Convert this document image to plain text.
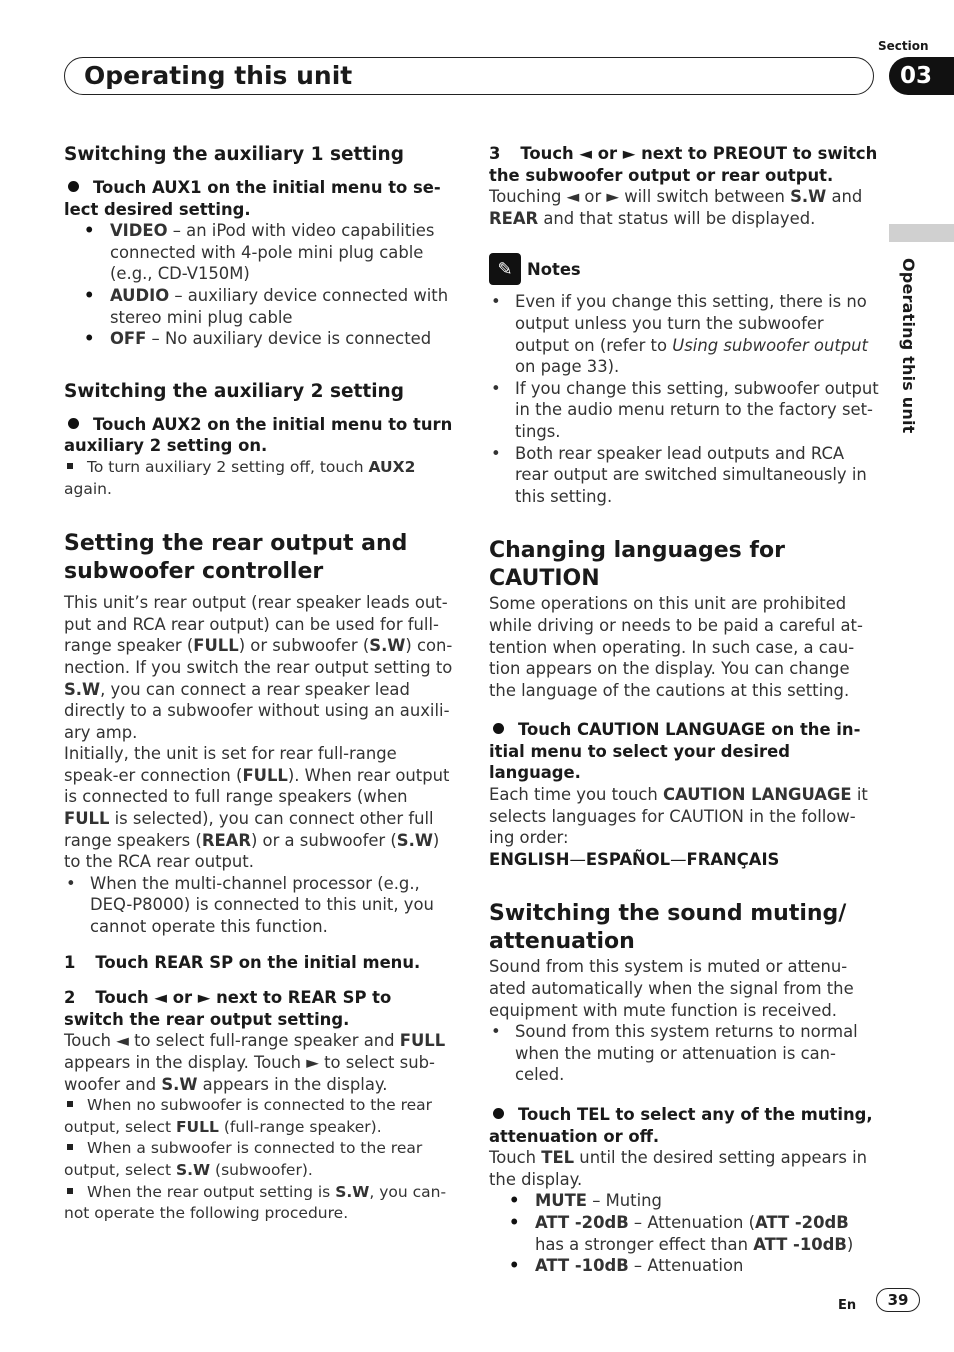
Section
Operating this unit	03
Operating this unit
Switching the auxiliary 1 setting
Touch AUX1 on the initial menu to se-lect desired setting.
• VIDEO – an iPod with video capabilities connected with 4-pole mini plug cable (e.g., CD-V150M)
• AUDIO – auxiliary device connected with stereo mini plug cable
• OFF – No auxiliary device is connected
Switching the auxiliary 2 setting
Touch AUX2 on the initial menu to turn auxiliary 2 setting on.
To turn auxiliary 2 setting off, touch AUX2 again.
Setting the rear output and subwoofer controller
This unit’s rear output (rear speaker leads out-put and RCA rear output) can be used for full-range speaker (FULL) or subwoofer (S.W) con-nection. If you switch the rear output setting to S.W, you can connect a rear speaker lead directly to a subwoofer without using an auxili-ary amp.
Initially, the unit is set for rear full-range speak-er connection (FULL). When rear output is connected to full range speakers (when FULL is selected), you can connect other full range speakers (REAR) or a subwoofer (S.W) to the RCA rear output.
• When the multi-channel processor (e.g., DEQ-P8000) is connected to this unit, you cannot operate this function.
1 Touch REAR SP on the initial menu.
2 Touch ◄ or ► next to REAR SP to switch the rear output setting.
Touch ◄ to select full-range speaker and FULL appears in the display. Touch ► to select sub-woofer and S.W appears in the display.
When no subwoofer is connected to the rear output, select FULL (full-range speaker).
When a subwoofer is connected to the rear output, select S.W (subwoofer).
When the rear output setting is S.W, you can-not operate the following procedure.
3 Touch ◄ or ► next to PREOUT to switch the subwoofer output or rear output.
Touching ◄ or ► will switch between S.W and REAR and that status will be displayed.
✎ Notes
• Even if you change this setting, there is no output unless you turn the subwoofer output on (refer to Using subwoofer output on page 33).
• If you change this setting, subwoofer output in the audio menu return to the factory set-tings.
• Both rear speaker lead outputs and RCA rear output are switched simultaneously in this setting.
Changing languages for CAUTION
Some operations on this unit are prohibited while driving or needs to be paid a careful at-tention when operating. In such case, a cau-tion appears on the display. You can change the language of the cautions at this setting.
Touch CAUTION LANGUAGE on the in-itial menu to select your desired language.
Each time you touch CAUTION LANGUAGE it selects languages for CAUTION in the follow-ing order:
ENGLISH—ESPAÑOL—FRANÇAIS
Switching the sound muting/ attenuation
Sound from this system is muted or attenu-ated automatically when the signal from the equipment with mute function is received.
• Sound from this system returns to normal when the muting or attenuation is can-celed.
Touch TEL to select any of the muting, attenuation or off.
Touch TEL until the desired setting appears in the display.
• MUTE – Muting
• ATT -20dB – Attenuation (ATT -20dB has a stronger effect than ATT -10dB)
• ATT -10dB – Attenuation
En	39
